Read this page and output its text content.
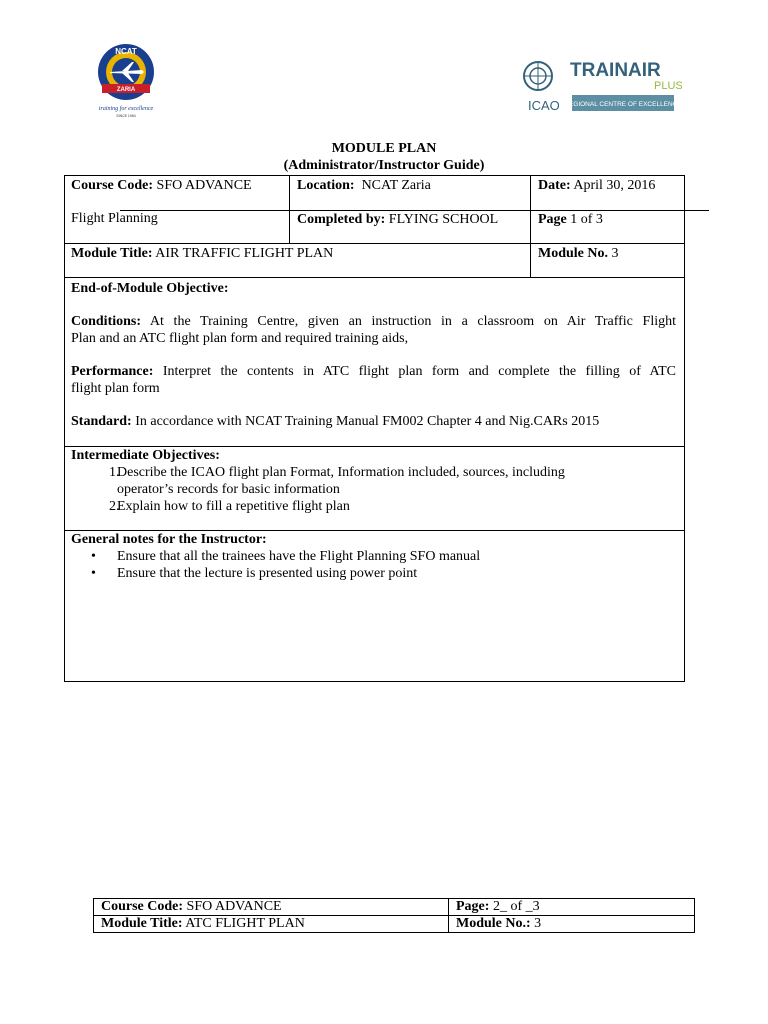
NCAT
ZARIA
training for excellence
SINCE 1964
ICAO
TRAINAIR
PLUS
REGIONAL CENTRE OF EXCELLENCE
MODULE PLAN
(Administrator/Instructor Guide)
Course Code: SFO ADVANCE	Location:  NCAT Zaria	Date: April 30, 2016
Flight Planning	Completed by: FLYING SCHOOL	Page 1 of 3
Module Title: AIR TRAFFIC FLIGHT PLAN	Module No. 3
End-of-Module Objective:
Conditions: At the Training Centre, given an instruction in a classroom on Air Traffic Flight
Plan and an ATC flight plan form and required training aids,
Performance: Interpret the contents in ATC flight plan form and complete the filling of ATC
flight plan form
Standard: In accordance with NCAT Training Manual FM002 Chapter 4 and Nig.CARs 2015
Intermediate Objectives:
1.
Describe the ICAO flight plan Format, Information included, sources, including
operator’s records for basic information
2.
Explain how to fill a repetitive flight plan
General notes for the Instructor:
• Ensure that all the trainees have the Flight Planning SFO manual
• Ensure that the lecture is presented using power point
Course Code: SFO ADVANCE	Page: 2_ of _3
Module Title: ATC FLIGHT PLAN	Module No.: 3
